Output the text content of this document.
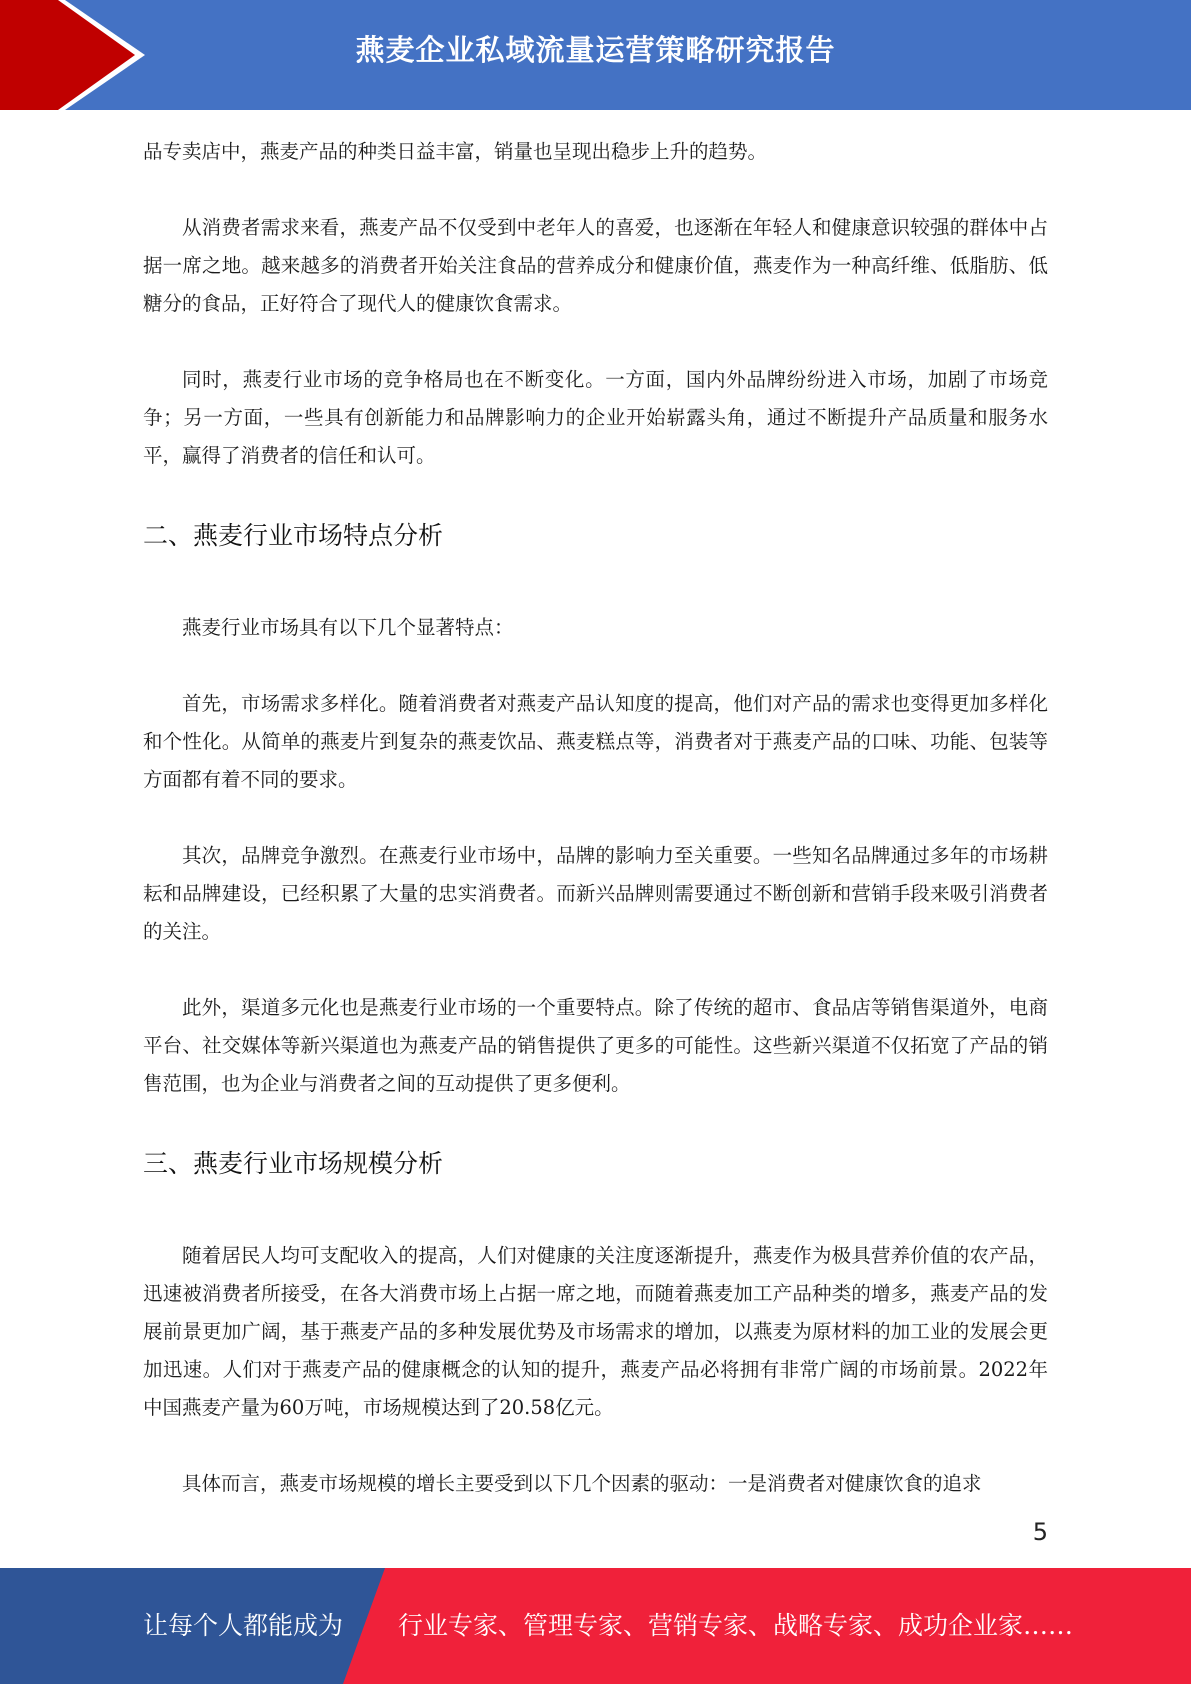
燕麦企业私域流量运营策略研究报告

品专卖店中，燕麦产品的种类日益丰富，销量也呈现出稳步上升的趋势。

从消费者需求来看，燕麦产品不仅受到中老年人的喜爱，也逐渐在年轻人和健康意识较强的群体中占据一席之地。越来越多的消费者开始关注食品的营养成分和健康价值，燕麦作为一种高纤维、低脂肪、低糖分的食品，正好符合了现代人的健康饮食需求。

同时，燕麦行业市场的竞争格局也在不断变化。一方面，国内外品牌纷纷进入市场，加剧了市场竞争；另一方面，一些具有创新能力和品牌影响力的企业开始崭露头角，通过不断提升产品质量和服务水平，赢得了消费者的信任和认可。

二、燕麦行业市场特点分析

燕麦行业市场具有以下几个显著特点：

首先，市场需求多样化。随着消费者对燕麦产品认知度的提高，他们对产品的需求也变得更加多样化和个性化。从简单的燕麦片到复杂的燕麦饮品、燕麦糕点等，消费者对于燕麦产品的口味、功能、包装等方面都有着不同的要求。

其次，品牌竞争激烈。在燕麦行业市场中，品牌的影响力至关重要。一些知名品牌通过多年的市场耕耘和品牌建设，已经积累了大量的忠实消费者。而新兴品牌则需要通过不断创新和营销手段来吸引消费者的关注。

此外，渠道多元化也是燕麦行业市场的一个重要特点。除了传统的超市、食品店等销售渠道外，电商平台、社交媒体等新兴渠道也为燕麦产品的销售提供了更多的可能性。这些新兴渠道不仅拓宽了产品的销售范围，也为企业与消费者之间的互动提供了更多便利。

三、燕麦行业市场规模分析

随着居民人均可支配收入的提高，人们对健康的关注度逐渐提升，燕麦作为极具营养价值的农产品，迅速被消费者所接受，在各大消费市场上占据一席之地，而随着燕麦加工产品种类的增多，燕麦产品的发展前景更加广阔，基于燕麦产品的多种发展优势及市场需求的增加，以燕麦为原材料的加工业的发展会更加迅速。人们对于燕麦产品的健康概念的认知的提升，燕麦产品必将拥有非常广阔的市场前景。2022年中国燕麦产量为60万吨，市场规模达到了20.58亿元。

具体而言，燕麦市场规模的增长主要受到以下几个因素的驱动：一是消费者对健康饮食的追求

5
让每个人都能成为 行业专家、管理专家、营销专家、战略专家、成功企业家……
